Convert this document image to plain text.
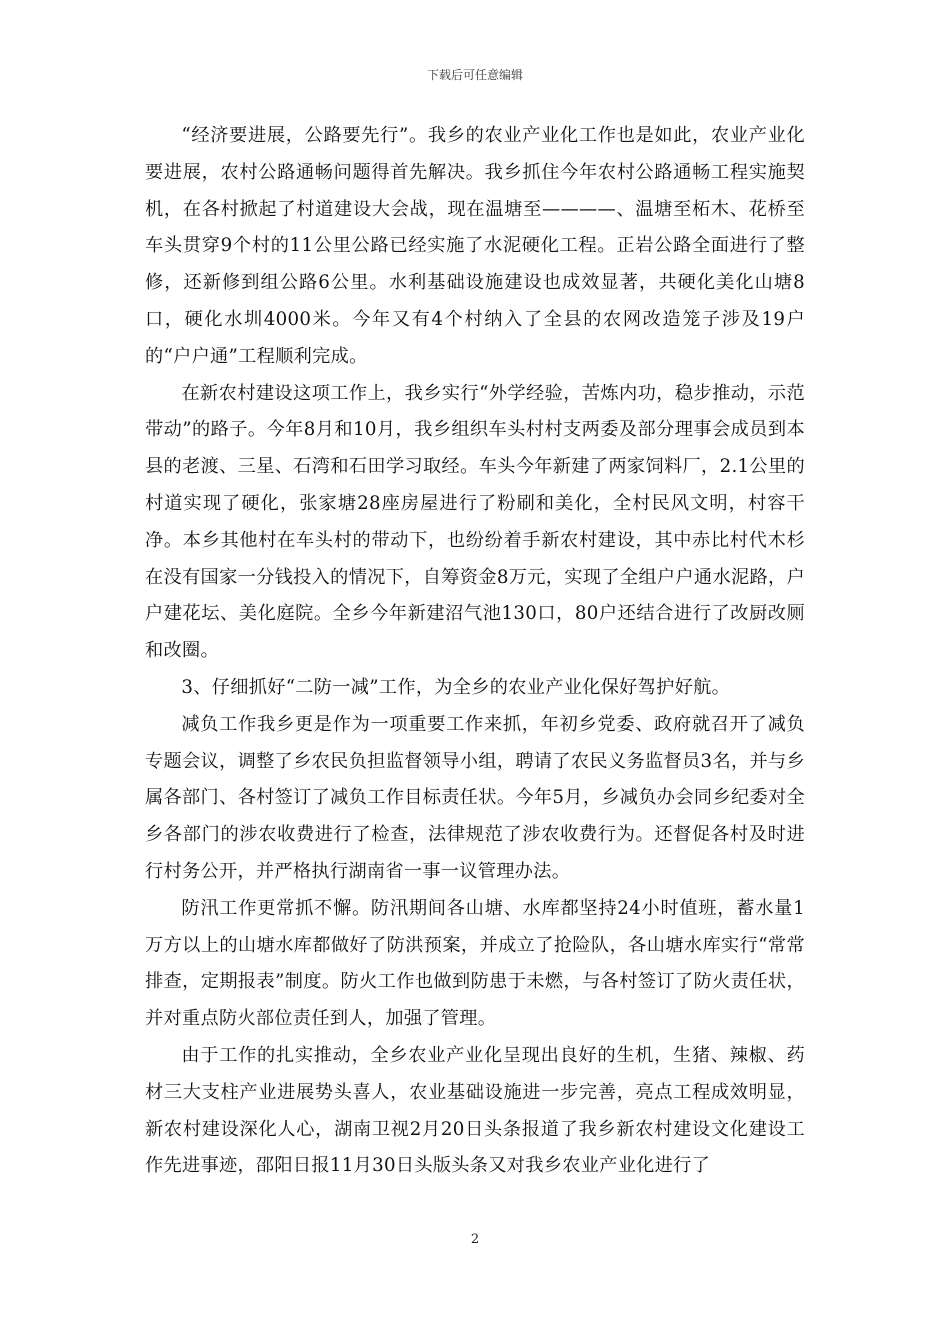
下载后可任意编辑

“经济要进展，公路要先行”。我乡的农业产业化工作也是如此，农业产业化要进展，农村公路通畅问题得首先解决。我乡抓住今年农村公路通畅工程实施契机，在各村掀起了村道建设大会战，现在温塘至————、温塘至柘木、花桥至车头贯穿9个村的11公里公路已经实施了水泥硬化工程。正岩公路全面进行了整修，还新修到组公路6公里。水利基础设施建设也成效显著，共硬化美化山塘8口，硬化水圳4000米。今年又有4个村纳入了全县的农网改造笼子涉及19户的“户户通”工程顺利完成。

在新农村建设这项工作上，我乡实行“外学经验，苦炼内功，稳步推动，示范带动”的路子。今年8月和10月，我乡组织车头村村支两委及部分理事会成员到本县的老渡、三星、石湾和石田学习取经。车头今年新建了两家饲料厂，2.1公里的村道实现了硬化，张家塘28座房屋进行了粉刷和美化，全村民风文明，村容干净。本乡其他村在车头村的带动下，也纷纷着手新农村建设，其中赤比村代木杉在没有国家一分钱投入的情况下，自筹资金8万元，实现了全组户户通水泥路，户户建花坛、美化庭院。全乡今年新建沼气池130口，80户还结合进行了改厨改厕和改圈。

3、仔细抓好“二防一减”工作，为全乡的农业产业化保好驾护好航。

减负工作我乡更是作为一项重要工作来抓，年初乡党委、政府就召开了减负专题会议，调整了乡农民负担监督领导小组，聘请了农民义务监督员3名，并与乡属各部门、各村签订了减负工作目标责任状。今年5月，乡减负办会同乡纪委对全乡各部门的涉农收费进行了检查，法律规范了涉农收费行为。还督促各村及时进行村务公开，并严格执行湖南省一事一议管理办法。

防汛工作更常抓不懈。防汛期间各山塘、水库都坚持24小时值班，蓄水量1万方以上的山塘水库都做好了防洪预案，并成立了抢险队，各山塘水库实行“常常排查，定期报表”制度。防火工作也做到防患于未燃，与各村签订了防火责任状，并对重点防火部位责任到人，加强了管理。

由于工作的扎实推动，全乡农业产业化呈现出良好的生机，生猪、辣椒、药材三大支柱产业进展势头喜人，农业基础设施进一步完善，亮点工程成效明显，新农村建设深化人心，湖南卫视2月20日头条报道了我乡新农村建设文化建设工作先进事迹，邵阳日报11月30日头版头条又对我乡农业产业化进行了

2
